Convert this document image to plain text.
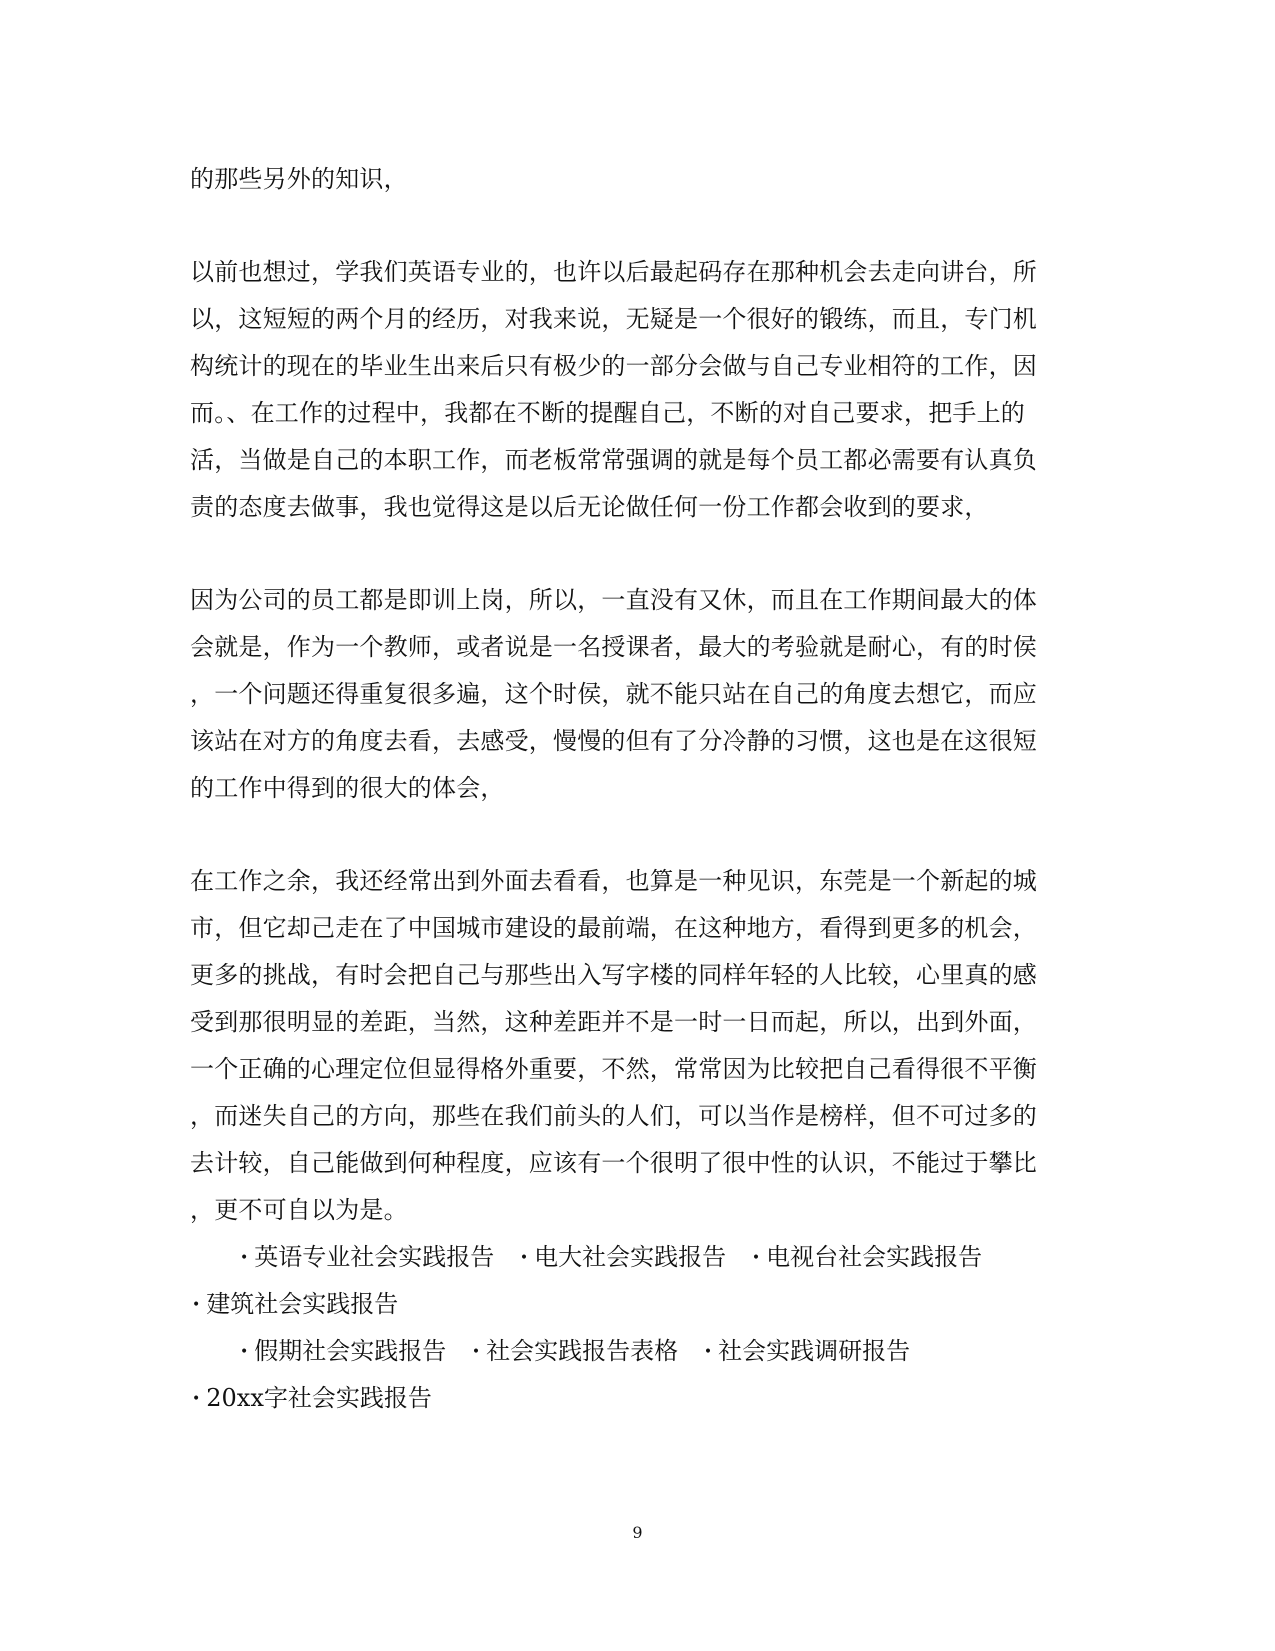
的那些另外的知识，
以前也想过，学我们英语专业的，也许以后最起码存在那种机会去走向讲台，所
以，这短短的两个月的经历，对我来说，无疑是一个很好的锻练，而且，专门机
构统计的现在的毕业生出来后只有极少的一部分会做与自己专业相符的工作，因
而。、在工作的过程中，我都在不断的提醒自己，不断的对自己要求，把手上的
活，当做是自己的本职工作，而老板常常强调的就是每个员工都必需要有认真负
责的态度去做事，我也觉得这是以后无论做任何一份工作都会收到的要求，
因为公司的员工都是即训上岗，所以，一直没有又休，而且在工作期间最大的体
会就是，作为一个教师，或者说是一名授课者，最大的考验就是耐心，有的时侯
，一个问题还得重复很多遍，这个时侯，就不能只站在自己的角度去想它，而应
该站在对方的角度去看，去感受，慢慢的但有了分冷静的习惯，这也是在这很短
的工作中得到的很大的体会，
在工作之余，我还经常出到外面去看看，也算是一种见识，东莞是一个新起的城
市，但它却己走在了中国城市建设的最前端，在这种地方，看得到更多的机会，
更多的挑战，有时会把自己与那些出入写字楼的同样年轻的人比较，心里真的感
受到那很明显的差距，当然，这种差距并不是一时一日而起，所以，出到外面，
一个正确的心理定位但显得格外重要，不然，常常因为比较把自己看得很不平衡
，而迷失自己的方向，那些在我们前头的人们，可以当作是榜样，但不可过多的
去计较，自己能做到何种程度，应该有一个很明了很中性的认识，不能过于攀比
，更不可自以为是。
• 英语专业社会实践报告 • 电大社会实践报告 • 电视台社会实践报告
• 建筑社会实践报告
• 假期社会实践报告 • 社会实践报告表格 • 社会实践调研报告
• 20xx字社会实践报告
9
